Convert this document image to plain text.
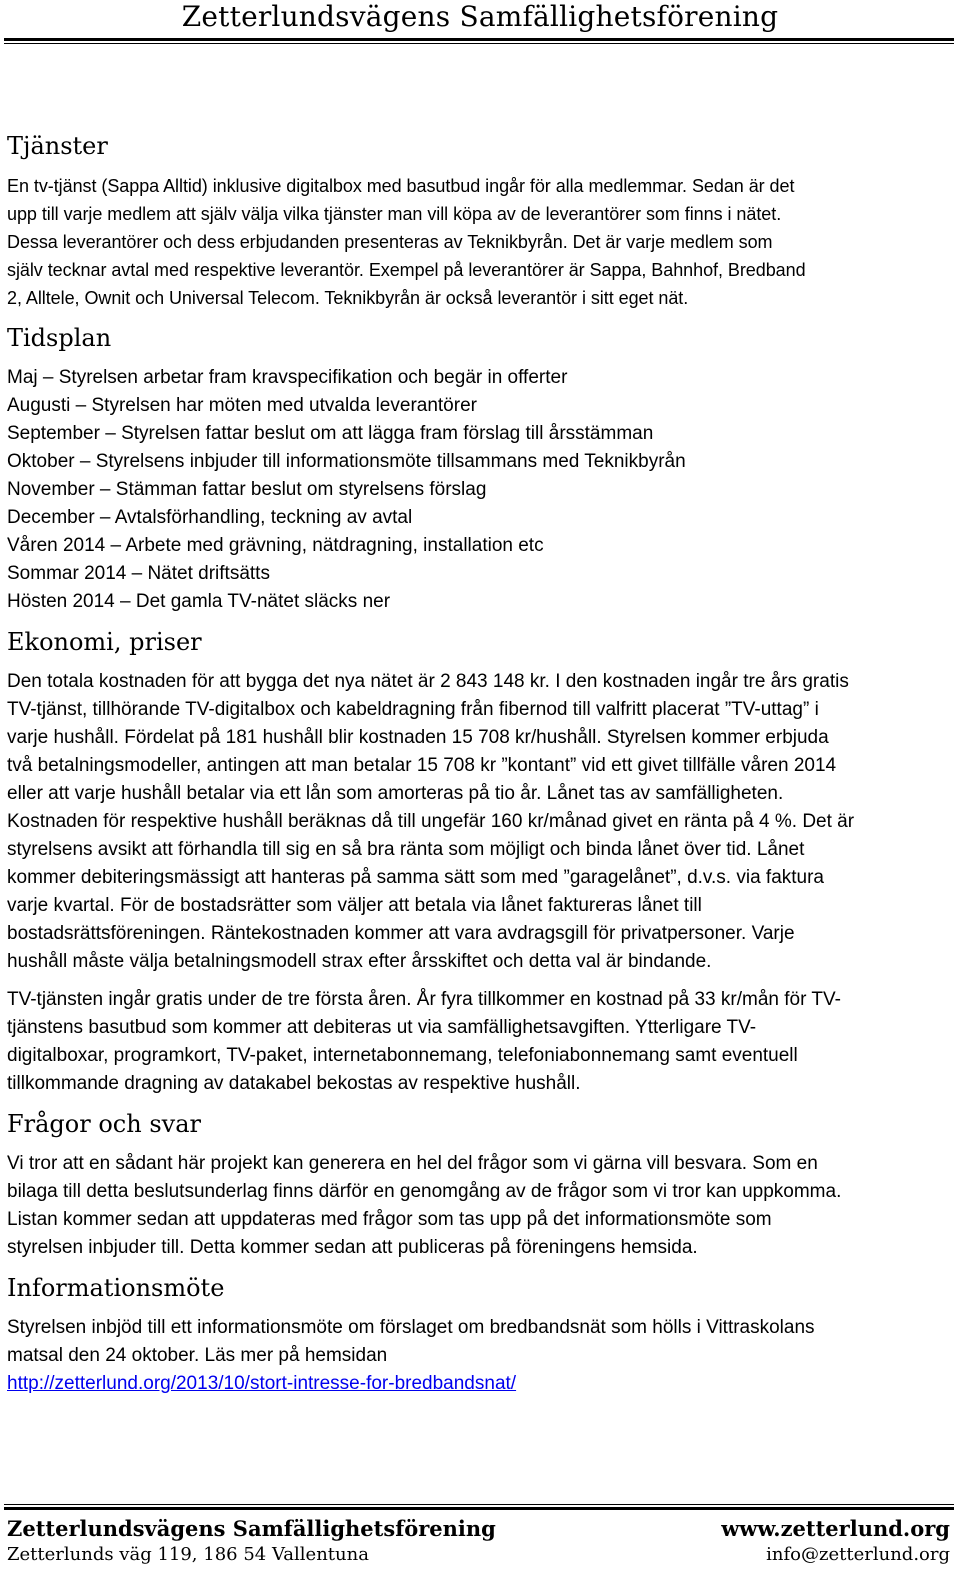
Zetterlundsvägens Samfällighetsförening
Tjänster

En tv-tjänst (Sappa Alltid) inklusive digitalbox med basutbud ingår för alla medlemmar. Sedan är det
upp till varje medlem att själv välja vilka tjänster man vill köpa av de leverantörer som finns i nätet.
Dessa leverantörer och dess erbjudanden presenteras av Teknikbyrån. Det är varje medlem som
själv tecknar avtal med respektive leverantör. Exempel på leverantörer är Sappa, Bahnhof, Bredband
2, Alltele, Ownit och Universal Telecom. Teknikbyrån är också leverantör i sitt eget nät.

Tidsplan

Maj – Styrelsen arbetar fram kravspecifikation och begär in offerter
Augusti – Styrelsen har möten med utvalda leverantörer
September – Styrelsen fattar beslut om att lägga fram förslag till årsstämman
Oktober – Styrelsens inbjuder till informationsmöte tillsammans med Teknikbyrån
November – Stämman fattar beslut om styrelsens förslag
December – Avtalsförhandling, teckning av avtal
Våren 2014 – Arbete med grävning, nätdragning, installation etc
Sommar 2014 – Nätet driftsätts
Hösten 2014 – Det gamla TV-nätet släcks ner

Ekonomi, priser

Den totala kostnaden för att bygga det nya nätet är 2 843 148 kr. I den kostnaden ingår tre års gratis
TV-tjänst, tillhörande TV-digitalbox och kabeldragning från fibernod till valfritt placerat ”TV-uttag” i
varje hushåll. Fördelat på 181 hushåll blir kostnaden 15 708 kr/hushåll. Styrelsen kommer erbjuda
två betalningsmodeller, antingen att man betalar 15 708 kr ”kontant” vid ett givet tillfälle våren 2014
eller att varje hushåll betalar via ett lån som amorteras på tio år. Lånet tas av samfälligheten.
Kostnaden för respektive hushåll beräknas då till ungefär 160 kr/månad givet en ränta på 4 %. Det är
styrelsens avsikt att förhandla till sig en så bra ränta som möjligt och binda lånet över tid. Lånet
kommer debiteringsmässigt att hanteras på samma sätt som med ”garagelånet”, d.v.s. via faktura
varje kvartal. För de bostadsrätter som väljer att betala via lånet faktureras lånet till
bostadsrättsföreningen. Räntekostnaden kommer att vara avdragsgill för privatpersoner. Varje
hushåll måste välja betalningsmodell strax efter årsskiftet och detta val är bindande.

TV-tjänsten ingår gratis under de tre första åren. År fyra tillkommer en kostnad på 33 kr/mån för TV-
tjänstens basutbud som kommer att debiteras ut via samfällighetsavgiften. Ytterligare TV-
digitalboxar, programkort, TV-paket, internetabonnemang, telefoniabonnemang samt eventuell
tillkommande dragning av datakabel bekostas av respektive hushåll.

Frågor och svar

Vi tror att en sådant här projekt kan generera en hel del frågor som vi gärna vill besvara. Som en
bilaga till detta beslutsunderlag finns därför en genomgång av de frågor som vi tror kan uppkomma.
Listan kommer sedan att uppdateras med frågor som tas upp på det informationsmöte som
styrelsen inbjuder till. Detta kommer sedan att publiceras på föreningens hemsida.

Informationsmöte

Styrelsen inbjöd till ett informationsmöte om förslaget om bredbandsnät som hölls i Vittraskolans
matsal den 24 oktober. Läs mer på hemsidan
http://zetterlund.org/2013/10/stort-intresse-for-bredbandsnat/

Zetterlundsvägens Samfällighetsförening	www.zetterlund.org
Zetterlunds väg 119, 186 54 Vallentuna	info@zetterlund.org
